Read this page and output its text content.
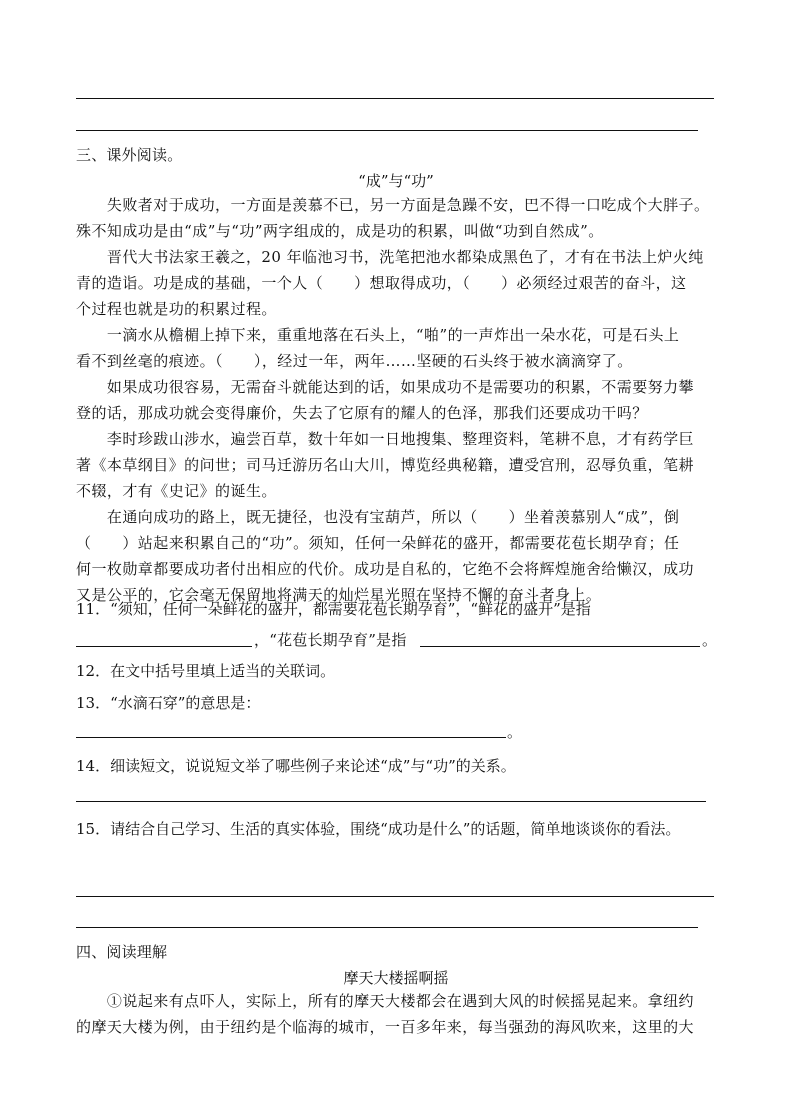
三、课外阅读。
“成”与“功”
　　失败者对于成功，一方面是羡慕不已，另一方面是急躁不安，巴不得一口吃成个大胖子。
殊不知成功是由“成”与“功”两字组成的，成是功的积累，叫做“功到自然成”。
　　晋代大书法家王羲之，20 年临池习书，洗笔把池水都染成黑色了，才有在书法上炉火纯
青的造诣。功是成的基础，一个人（　　）想取得成功，（　　）必须经过艰苦的奋斗，这
个过程也就是功的积累过程。
　　一滴水从檐楣上掉下来，重重地落在石头上，“啪”的一声炸出一朵水花，可是石头上
看不到丝毫的痕迹。（　　），经过一年，两年……坚硬的石头终于被水滴滴穿了。
　　如果成功很容易，无需奋斗就能达到的话，如果成功不是需要功的积累，不需要努力攀
登的话，那成功就会变得廉价，失去了它原有的耀人的色泽，那我们还要成功干吗？
　　李时珍跋山涉水，遍尝百草，数十年如一日地搜集、整理资料，笔耕不息，才有药学巨
著《本草纲目》的问世；司马迁游历名山大川，博览经典秘籍，遭受宫刑，忍辱负重，笔耕
不辍，才有《史记》的诞生。
　　在通向成功的路上，既无捷径，也没有宝葫芦，所以（　　）坐着羡慕别人“成”，倒
（　　）站起来积累自己的“功”。须知，任何一朵鲜花的盛开，都需要花苞长期孕育；任
何一枚勋章都要成功者付出相应的代价。成功是自私的，它绝不会将辉煌施舍给懒汉，成功
又是公平的，它会毫无保留地将满天的灿烂星光照在坚持不懈的奋斗者身上。
11．“须知，任何一朵鲜花的盛开，都需要花苞长期孕育”，“鲜花的盛开”是指
，“花苞长期孕育”是指	。
12．在文中括号里填上适当的关联词。
13．“水滴石穿”的意思是：
。
14．细读短文，说说短文举了哪些例子来论述“成”与“功”的关系。
15．请结合自己学习、生活的真实体验，围绕“成功是什么”的话题，简单地谈谈你的看法。
四、阅读理解
摩天大楼摇啊摇
　　①说起来有点吓人，实际上，所有的摩天大楼都会在遇到大风的时候摇晃起来。拿纽约
的摩天大楼为例，由于纽约是个临海的城市，一百多年来，每当强劲的海风吹来，这里的大
